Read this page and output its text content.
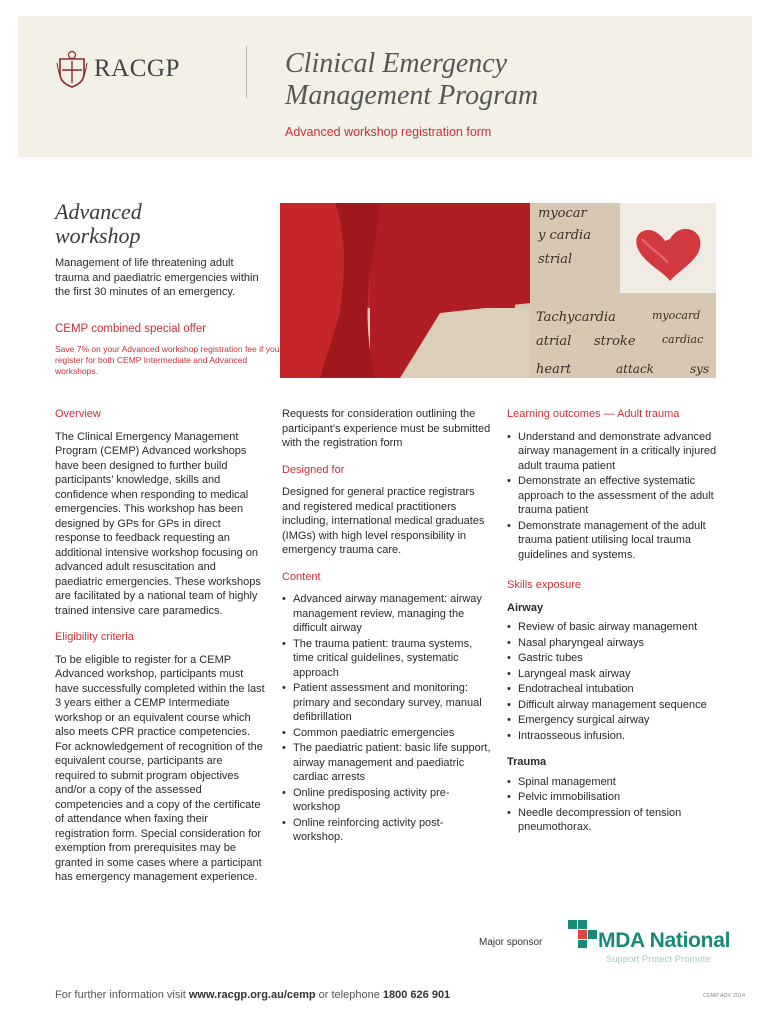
RACGP	Clinical Emergency
Management Program
Advanced workshop registration form
Advanced
workshop
Management of life threatening adult trauma and paediatric emergencies within the first 30 minutes of an emergency.
CEMP combined special offer
Save 7% on your Advanced workshop registration fee if you register for both CEMP Intermediate and Advanced workshops.
myocar
y cardia
strial
Tachycardia	myocard
atrial stroke cardiac
heart	attack	sys
Overview

The Clinical Emergency Management Program (CEMP) Advanced workshops have been designed to further build participants’ knowledge, skills and confidence when responding to medical emergencies. This workshop has been designed by GPs for GPs in direct response to feedback requesting an additional intensive workshop focusing on advanced adult resuscitation and paediatric emergencies. These workshops are facilitated by a national team of highly trained intensive care paramedics.

Eligibility criteria

To be eligible to register for a CEMP Advanced workshop, participants must have successfully completed within the last 3 years either a CEMP Intermediate workshop or an equivalent course which also meets CPR practice competencies. For acknowledgement of recognition of the equivalent course, participants are required to submit program objectives and/or a copy of the assessed competencies and a copy of the certificate of attendance when faxing their registration form. Special consideration for exemption from prerequisites may be granted in some cases where a participant has emergency management experience.

Requests for consideration outlining the participant’s experience must be submitted with the registration form

Designed for

Designed for general practice registrars and registered medical practitioners including, international medical graduates (IMGs) with high level responsibility in emergency trauma care.

Content
• Advanced airway management: airway management review, managing the difficult airway
• The trauma patient: trauma systems, time critical guidelines, systematic approach
• Patient assessment and monitoring: primary and secondary survey, manual defibrillation
• Common paediatric emergencies
• The paediatric patient: basic life support, airway management and paediatric cardiac arrests
• Online predisposing activity pre-workshop
• Online reinforcing activity post-workshop.
Learning outcomes — Adult trauma
• Understand and demonstrate advanced airway management in a critically injured adult trauma patient
• Demonstrate an effective systematic approach to the assessment of the adult trauma patient
• Demonstrate management of the adult trauma patient utilising local trauma guidelines and systems.
Skills exposure
Airway
• Review of basic airway management
• Nasal pharyngeal airways
• Gastric tubes
• Laryngeal mask airway
• Endotracheal intubation
• Difficult airway management sequence
• Emergency surgical airway
• Intraosseous infusion.
Trauma
• Spinal management
• Pelvic immobilisation
• Needle decompression of tension pneumothorax.
Major sponsor	MDA National
Support Protect Promote
For further information visit www.racgp.org.au/cemp or telephone 1800 626 901	CEMP ADV 2014
